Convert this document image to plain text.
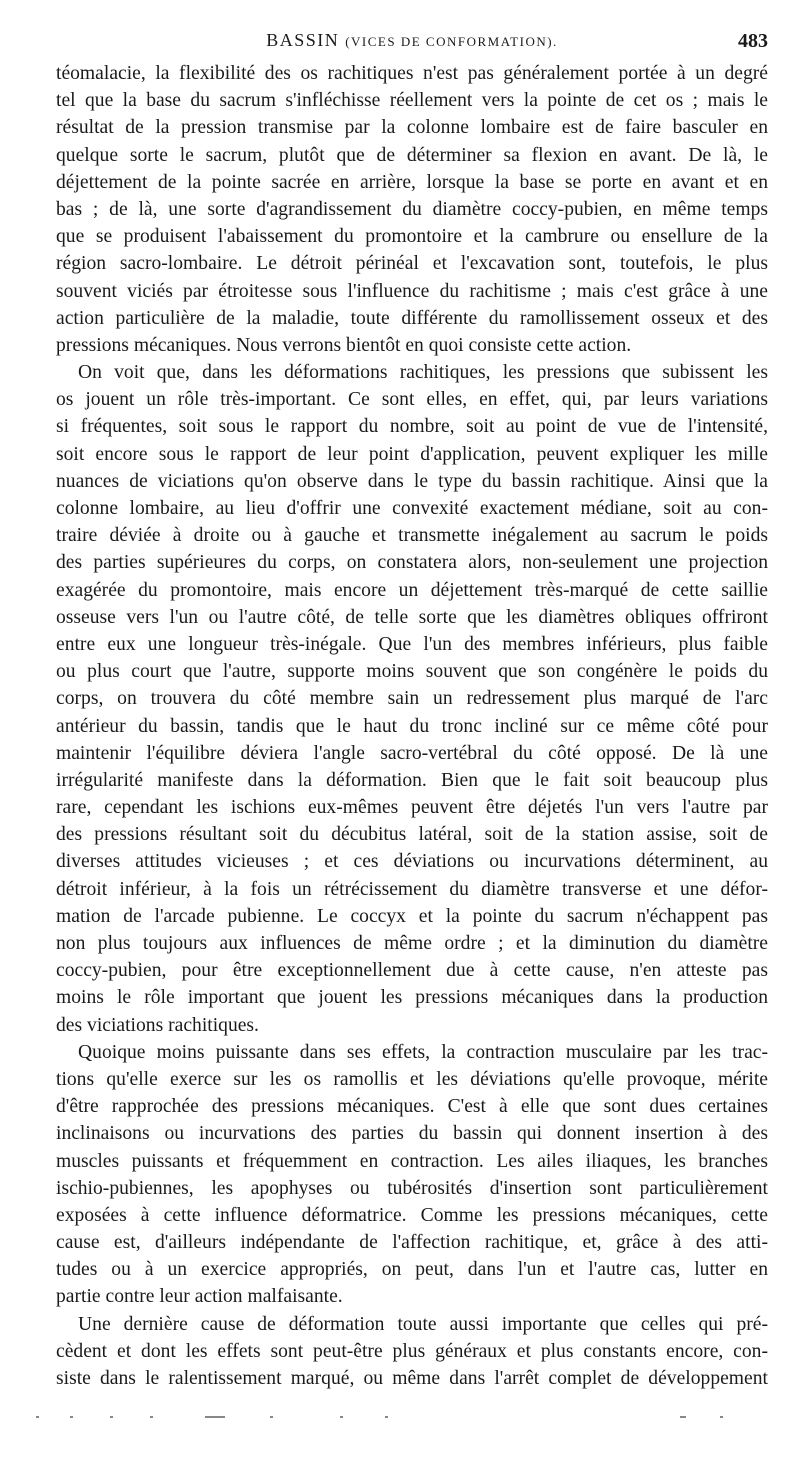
BASSIN (VICES DE CONFORMATION).	483
téomalacie, la flexibilité des os rachitiques n'est pas généralement portée à un degré
tel que la base du sacrum s'infléchisse réellement vers la pointe de cet os ; mais le
résultat de la pression transmise par la colonne lombaire est de faire basculer en
quelque sorte le sacrum, plutôt que de déterminer sa flexion en avant. De là, le
déjettement de la pointe sacrée en arrière, lorsque la base se porte en avant et en
bas ; de là, une sorte d'agrandissement du diamètre coccy-pubien, en même temps
que se produisent l'abaissement du promontoire et la cambrure ou ensellure de la
région sacro-lombaire. Le détroit périnéal et l'excavation sont, toutefois, le plus
souvent viciés par étroitesse sous l'influence du rachitisme ; mais c'est grâce à une
action particulière de la maladie, toute différente du ramollissement osseux et des
pressions mécaniques. Nous verrons bientôt en quoi consiste cette action.
On voit que, dans les déformations rachitiques, les pressions que subissent les
os jouent un rôle très-important. Ce sont elles, en effet, qui, par leurs variations
si fréquentes, soit sous le rapport du nombre, soit au point de vue de l'intensité,
soit encore sous le rapport de leur point d'application, peuvent expliquer les mille
nuances de viciations qu'on observe dans le type du bassin rachitique. Ainsi que la
colonne lombaire, au lieu d'offrir une convexité exactement médiane, soit au con-
traire déviée à droite ou à gauche et transmette inégalement au sacrum le poids
des parties supérieures du corps, on constatera alors, non-seulement une projection
exagérée du promontoire, mais encore un déjettement très-marqué de cette saillie
osseuse vers l'un ou l'autre côté, de telle sorte que les diamètres obliques offriront
entre eux une longueur très-inégale. Que l'un des membres inférieurs, plus faible
ou plus court que l'autre, supporte moins souvent que son congénère le poids du
corps, on trouvera du côté membre sain un redressement plus marqué de l'arc
antérieur du bassin, tandis que le haut du tronc incliné sur ce même côté pour
maintenir l'équilibre déviera l'angle sacro-vertébral du côté opposé. De là une
irrégularité manifeste dans la déformation. Bien que le fait soit beaucoup plus
rare, cependant les ischions eux-mêmes peuvent être déjetés l'un vers l'autre par
des pressions résultant soit du décubitus latéral, soit de la station assise, soit de
diverses attitudes vicieuses ; et ces déviations ou incurvations déterminent, au
détroit inférieur, à la fois un rétrécissement du diamètre transverse et une défor-
mation de l'arcade pubienne. Le coccyx et la pointe du sacrum n'échappent pas
non plus toujours aux influences de même ordre ; et la diminution du diamètre
coccy-pubien, pour être exceptionnellement due à cette cause, n'en atteste pas
moins le rôle important que jouent les pressions mécaniques dans la production
des viciations rachitiques.
Quoique moins puissante dans ses effets, la contraction musculaire par les trac-
tions qu'elle exerce sur les os ramollis et les déviations qu'elle provoque, mérite
d'être rapprochée des pressions mécaniques. C'est à elle que sont dues certaines
inclinaisons ou incurvations des parties du bassin qui donnent insertion à des
muscles puissants et fréquemment en contraction. Les ailes iliaques, les branches
ischio-pubiennes, les apophyses ou tubérosités d'insertion sont particulièrement
exposées à cette influence déformatrice. Comme les pressions mécaniques, cette
cause est, d'ailleurs indépendante de l'affection rachitique, et, grâce à des atti-
tudes ou à un exercice appropriés, on peut, dans l'un et l'autre cas, lutter en
partie contre leur action malfaisante.
Une dernière cause de déformation toute aussi importante que celles qui pré-
cèdent et dont les effets sont peut-être plus généraux et plus constants encore, con-
siste dans le ralentissement marqué, ou même dans l'arrêt complet de développement
